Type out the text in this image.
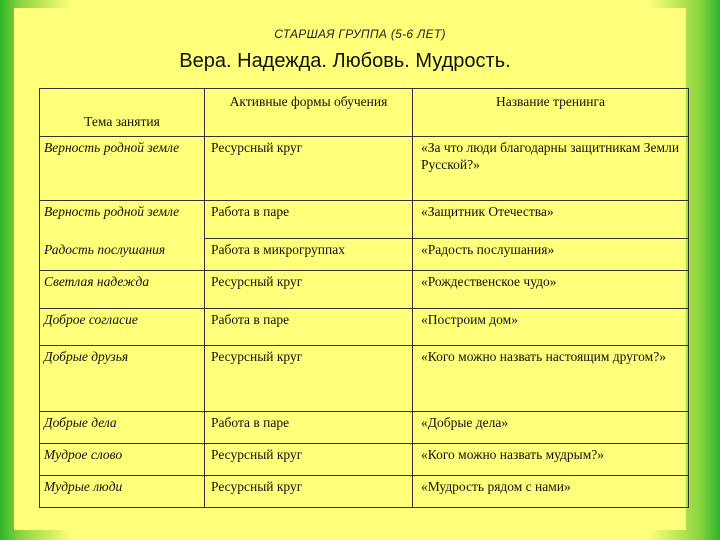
СТАРШАЯ ГРУППА (5-6 ЛЕТ)
Вера. Надежда. Любовь. Мудрость.
Тема занятия	Активные формы обучения	Название тренинга
Верность родной земле	Ресурсный круг	«За что люди благодарны защитникам Земли Русской?»
Верность родной земле	Работа в паре	«Защитник Отечества»
Радость послушания	Работа в микрогруппах	«Радость послушания»
Светлая надежда	Ресурсный круг	«Рождественское чудо»
Доброе согласие	Работа в паре	«Построим дом»
Добрые друзья	Ресурсный круг	«Кого можно назвать настоящим другом?»
Добрые дела	Работа в паре	«Добрые дела»
Мудрое слово	Ресурсный круг	«Кого можно назвать мудрым?»
Мудрые люди	Ресурсный круг	«Мудрость рядом с нами»
